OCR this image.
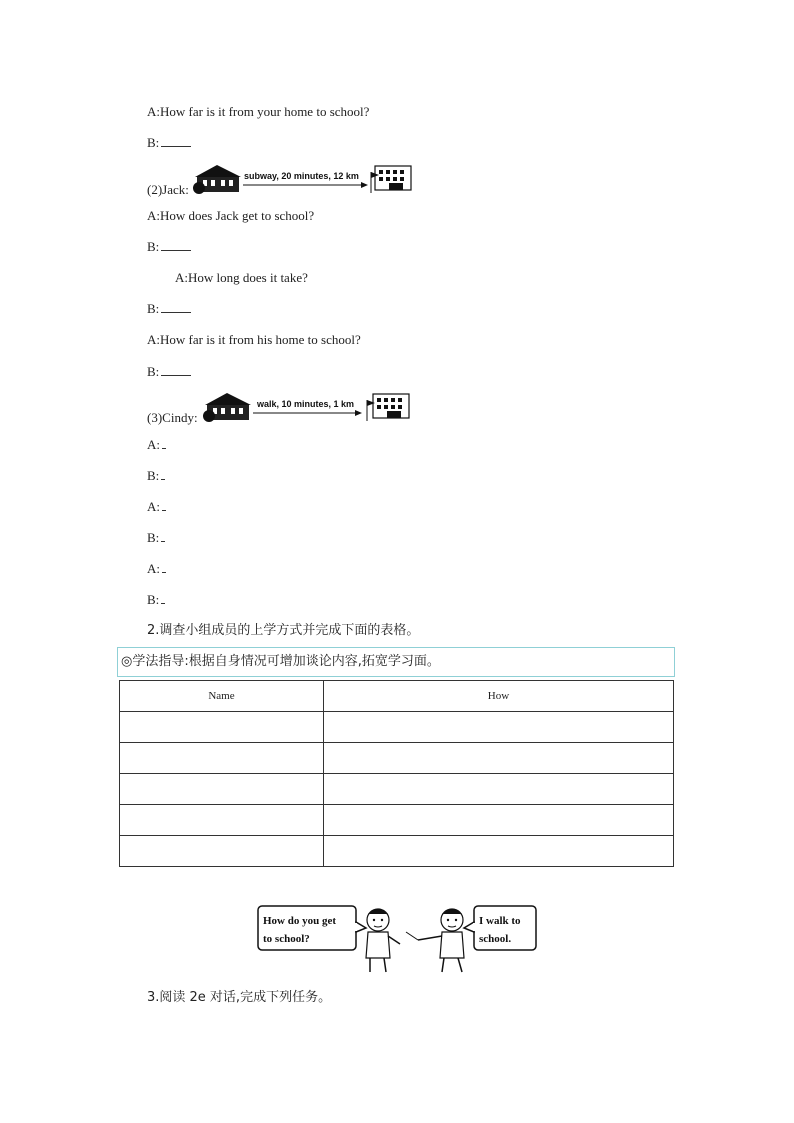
A:How far is it from your home to school?
B:
(2)Jack:
subway, 20 minutes, 12 km
A:How does Jack get to school?
B:
A:How long does it take?
B:
A:How far is it from his home to school?
B:
(3)Cindy:
walk, 10 minutes, 1 km
A:
B:
A:
B:
A:
B:
2.调查小组成员的上学方式并完成下面的表格。
◎学法指导:根据自身情况可增加谈论内容,拓宽学习面。
Name	How

How do you get
to school?
I walk to
school.
3.阅读 2e 对话,完成下列任务。
